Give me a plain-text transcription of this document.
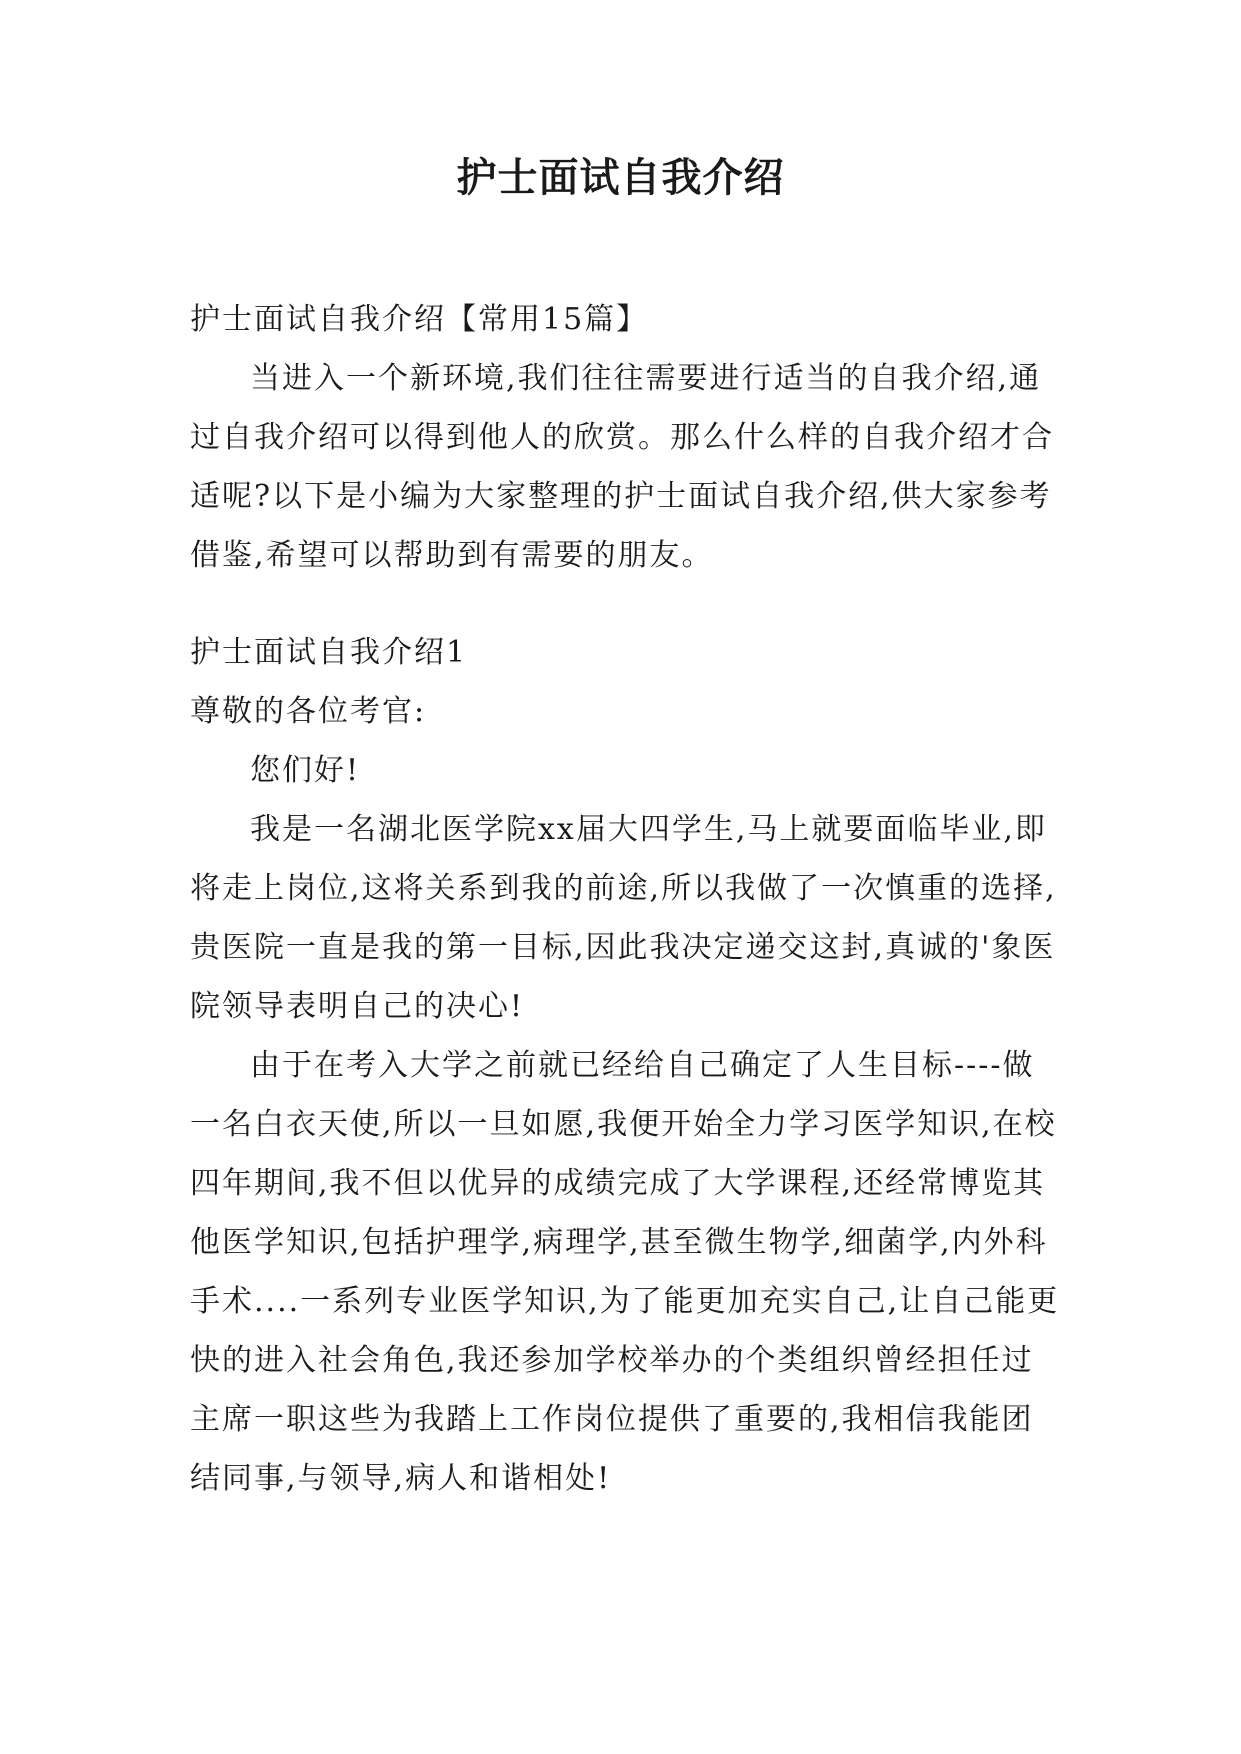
护士面试自我介绍

护士面试自我介绍【常用15篇】

当进入一个新环境,我们往往需要进行适当的自我介绍,通过自我介绍可以得到他人的欣赏。那么什么样的自我介绍才合适呢?以下是小编为大家整理的护士面试自我介绍,供大家参考借鉴,希望可以帮助到有需要的朋友。

护士面试自我介绍1

尊敬的各位考官:

您们好!

我是一名湖北医学院xx届大四学生,马上就要面临毕业,即将走上岗位,这将关系到我的前途,所以我做了一次慎重的选择,贵医院一直是我的第一目标,因此我决定递交这封,真诚的'象医院领导表明自己的决心!

由于在考入大学之前就已经给自己确定了人生目标----做一名白衣天使,所以一旦如愿,我便开始全力学习医学知识,在校四年期间,我不但以优异的成绩完成了大学课程,还经常博览其他医学知识,包括护理学,病理学,甚至微生物学,细菌学,内外科手术....一系列专业医学知识,为了能更加充实自己,让自己能更快的进入社会角色,我还参加学校举办的个类组织曾经担任过主席一职这些为我踏上工作岗位提供了重要的,我相信我能团结同事,与领导,病人和谐相处!
